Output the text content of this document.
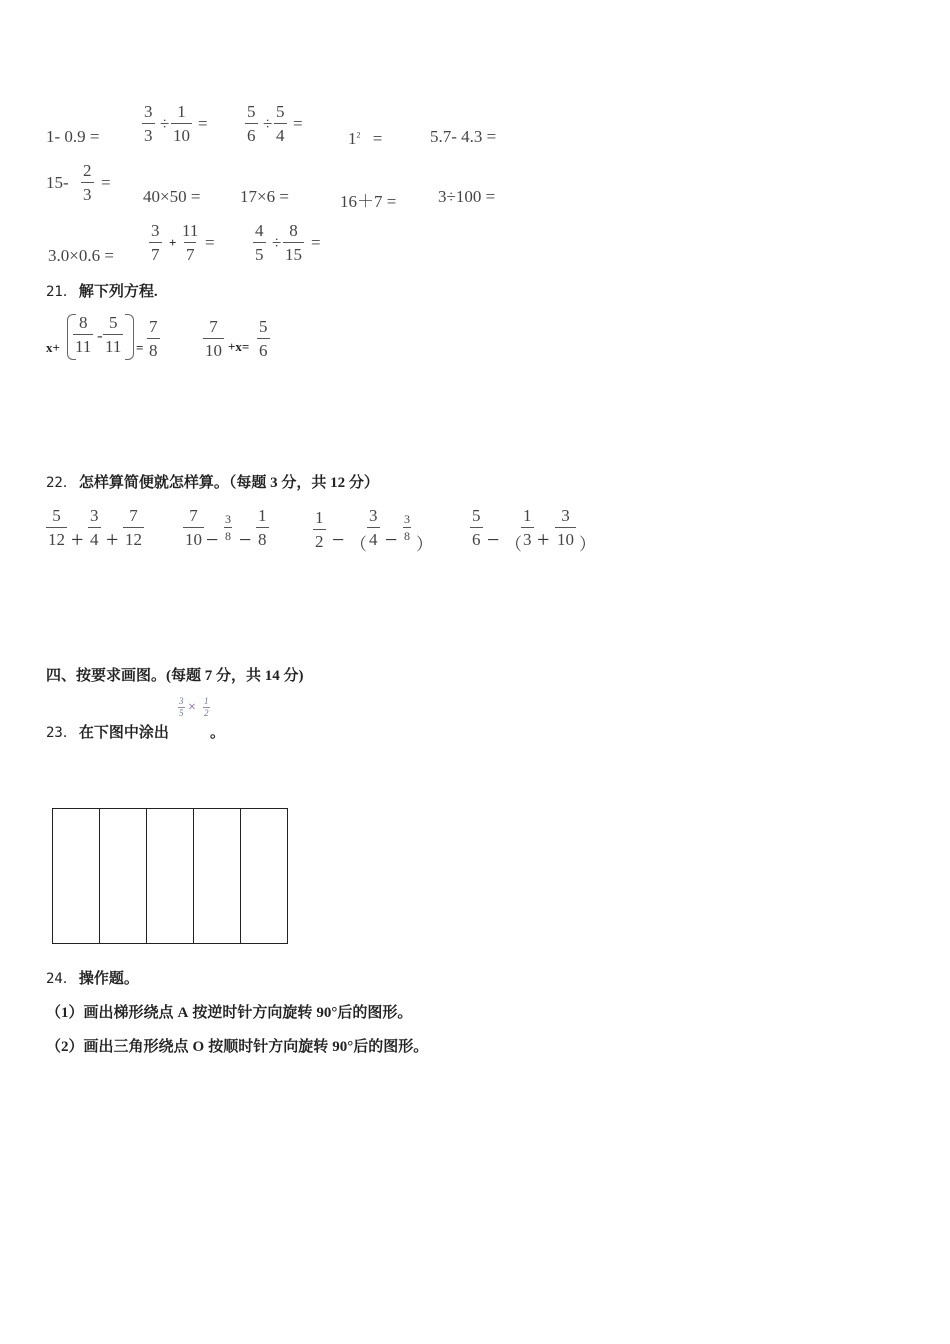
1- 0.9 =	$\frac{3}{3} \div \frac{1}{10} = \frac{5}{6} \div \frac{5}{4}$ =
$1^2$ =	5.7- 4.3 =
$15- \frac{2}{3}$ =
40×50 = 17×6 =	16＋7 = 3÷100 =
$3.0\times 0.6 = \frac{3}{7} + \frac{11}{7} = \frac{4}{5} \div \frac{8}{15}$ =
21． 解下列方程.
$x+ \frac{8}{11} - \frac{5}{11} = \frac{7}{8}$	$\frac{7}{10} +x= \frac{5}{6}$
22． 怎样算简便就怎样算。（每题 3 分，共 12 分）
$\frac{5}{12} + \frac{3}{4} + \frac{7}{12} \frac{7}{10} - \frac{3}{8} - \frac{1}{8}$	$\frac{1}{2}$ − （ $\frac{3}{4} - \frac{3}{8}$
） $\frac{5}{6}$ − （ $\frac{1}{3} + \frac{3}{10}$ ）
四、按要求画图。(每题 7 分，共 14 分)
23． 在下图中涂出
$\frac{3}{5} \times \frac{1}{2}$
。
24． 操作题。
（1）画出梯形绕点 A 按逆时针方向旋转 90°后的图形。
（2）画出三角形绕点 O 按顺时针方向旋转 90°后的图形。
